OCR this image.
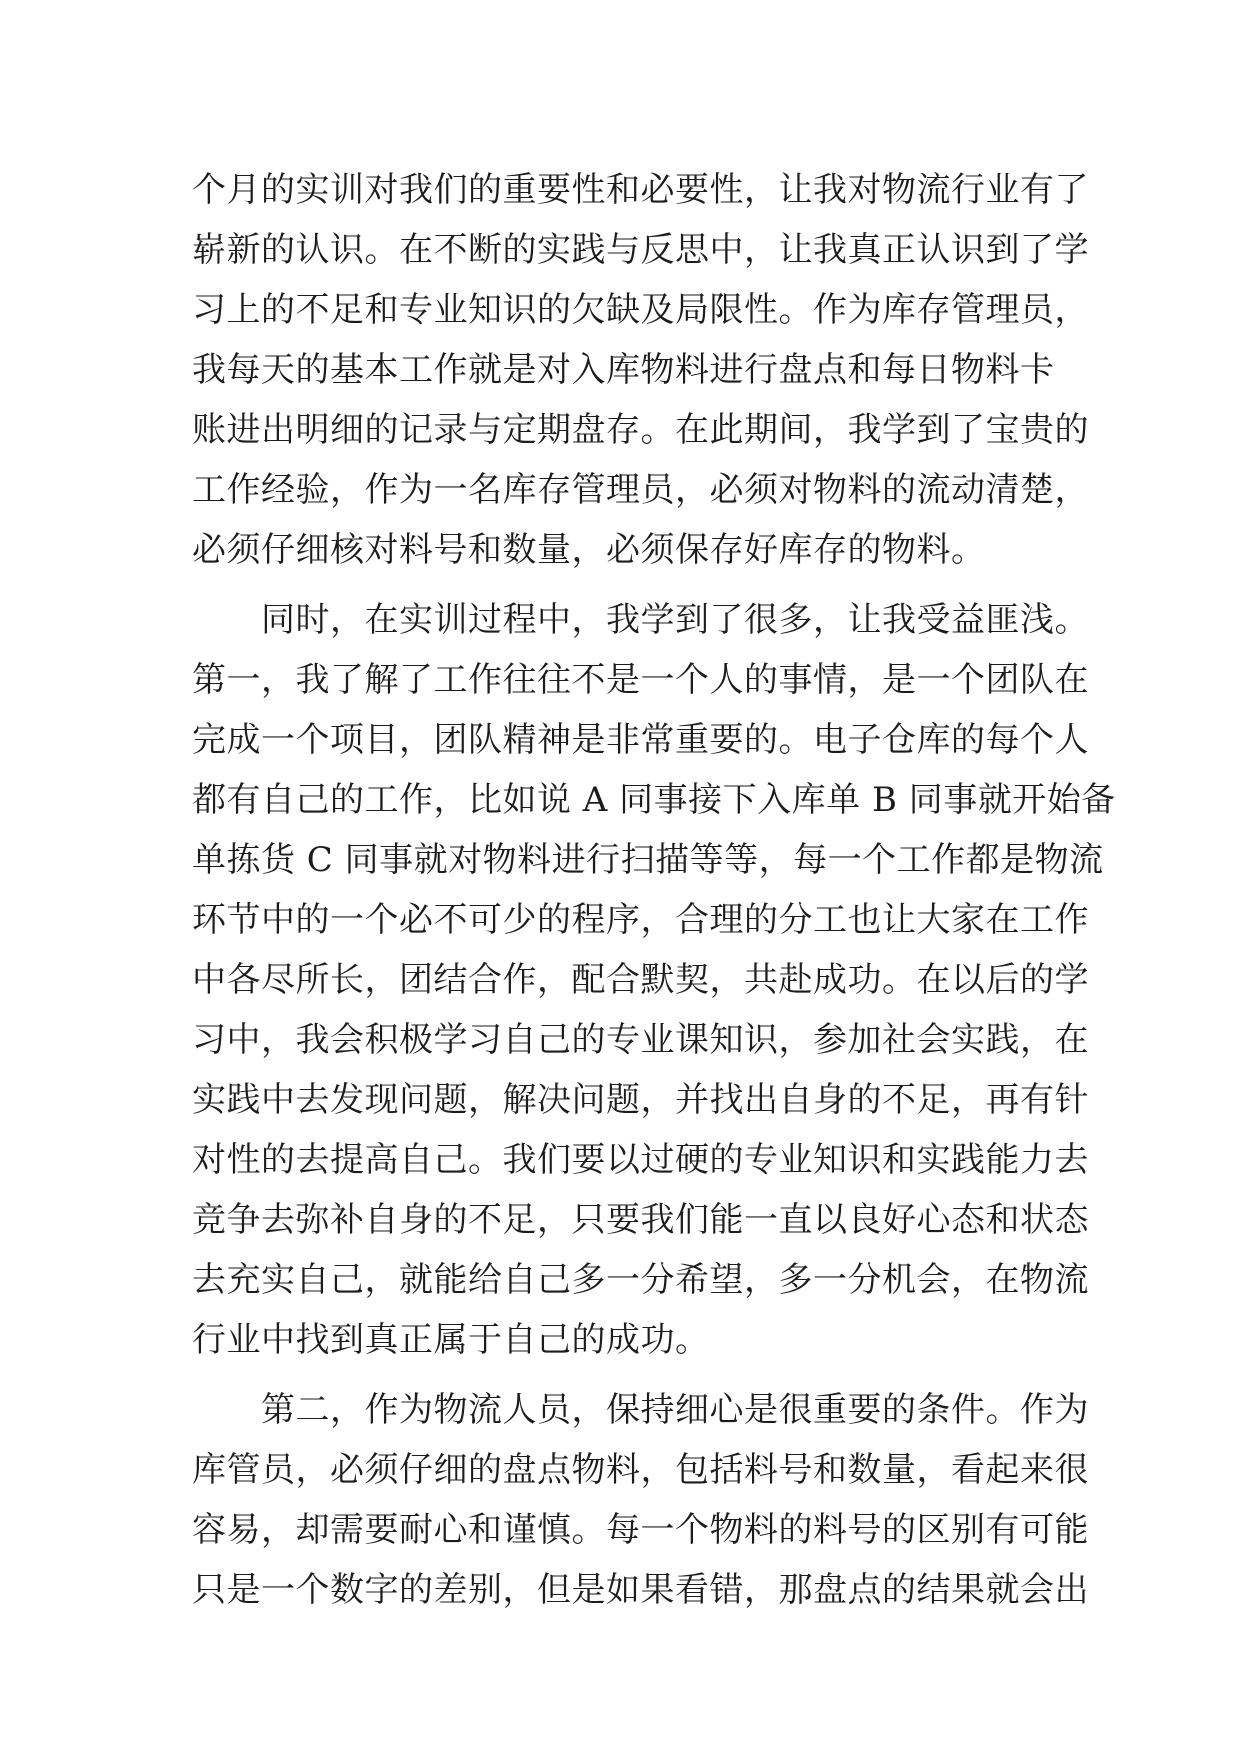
个月的实训对我们的重要性和必要性，让我对物流行业有了
崭新的认识。在不断的实践与反思中，让我真正认识到了学
习上的不足和专业知识的欠缺及局限性。作为库存管理员，
我每天的基本工作就是对入库物料进行盘点和每日物料卡
账进出明细的记录与定期盘存。在此期间，我学到了宝贵的
工作经验，作为一名库存管理员，必须对物料的流动清楚，
必须仔细核对料号和数量，必须保存好库存的物料。
　　同时，在实训过程中，我学到了很多，让我受益匪浅。
第一，我了解了工作往往不是一个人的事情，是一个团队在
完成一个项目，团队精神是非常重要的。电子仓库的每个人
都有自己的工作，比如说 A 同事接下入库单 B 同事就开始备
单拣货 C 同事就对物料进行扫描等等，每一个工作都是物流
环节中的一个必不可少的程序，合理的分工也让大家在工作
中各尽所长，团结合作，配合默契，共赴成功。在以后的学
习中，我会积极学习自己的专业课知识，参加社会实践，在
实践中去发现问题，解决问题，并找出自身的不足，再有针
对性的去提高自己。我们要以过硬的专业知识和实践能力去
竞争去弥补自身的不足，只要我们能一直以良好心态和状态
去充实自己，就能给自己多一分希望，多一分机会，在物流
行业中找到真正属于自己的成功。
　　第二，作为物流人员，保持细心是很重要的条件。作为
库管员，必须仔细的盘点物料，包括料号和数量，看起来很
容易，却需要耐心和谨慎。每一个物料的料号的区别有可能
只是一个数字的差别，但是如果看错，那盘点的结果就会出
